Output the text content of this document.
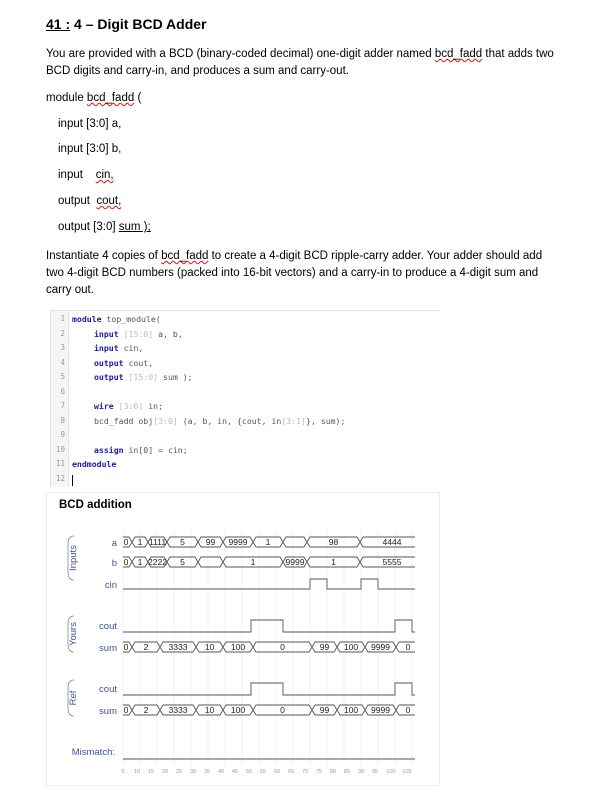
41 : 4 – Digit BCD Adder
You are provided with a BCD (binary-coded decimal) one-digit adder named bcd_fadd that adds two
BCD digits and carry-in, and produces a sum and carry-out.
module bcd_fadd (
input [3:0] a,
input [3:0] b,
input    cin,
output  cout,
output [3:0] sum );
Instantiate 4 copies of bcd_fadd to create a 4-digit BCD ripple-carry adder. Your adder should add
two 4-digit BCD numbers (packed into 16-bit vectors) and a carry-in to produce a 4-digit sum and
carry out.
1
2
3
4
5
6
7
8
9
10
11
12
module top_module(
input [15:0] a, b,
input cin,
output cout,
output [15:0] sum );
wire [3:0] in;
bcd_fadd obj[3:0] (a, b, in, {cout, in[3:1]}, sum);
assign in[0] = cin;
endmodule
BCD addition
0 1 1111 5 99 9999 1	98	4444
0 1 2222 5	1	9999	1	5555
0 2 3333 10 100	0	99 100 9999 0
0 2 3333 10 100	0	99 100 9999 0
a
b
cin
cout
sum
cout
sum
Mismatch:
Inputs
Yours
Ref
5 10 15 20 25 30 35 40 45 50 55 60 65 70 75 80 85 90 95 100 105
